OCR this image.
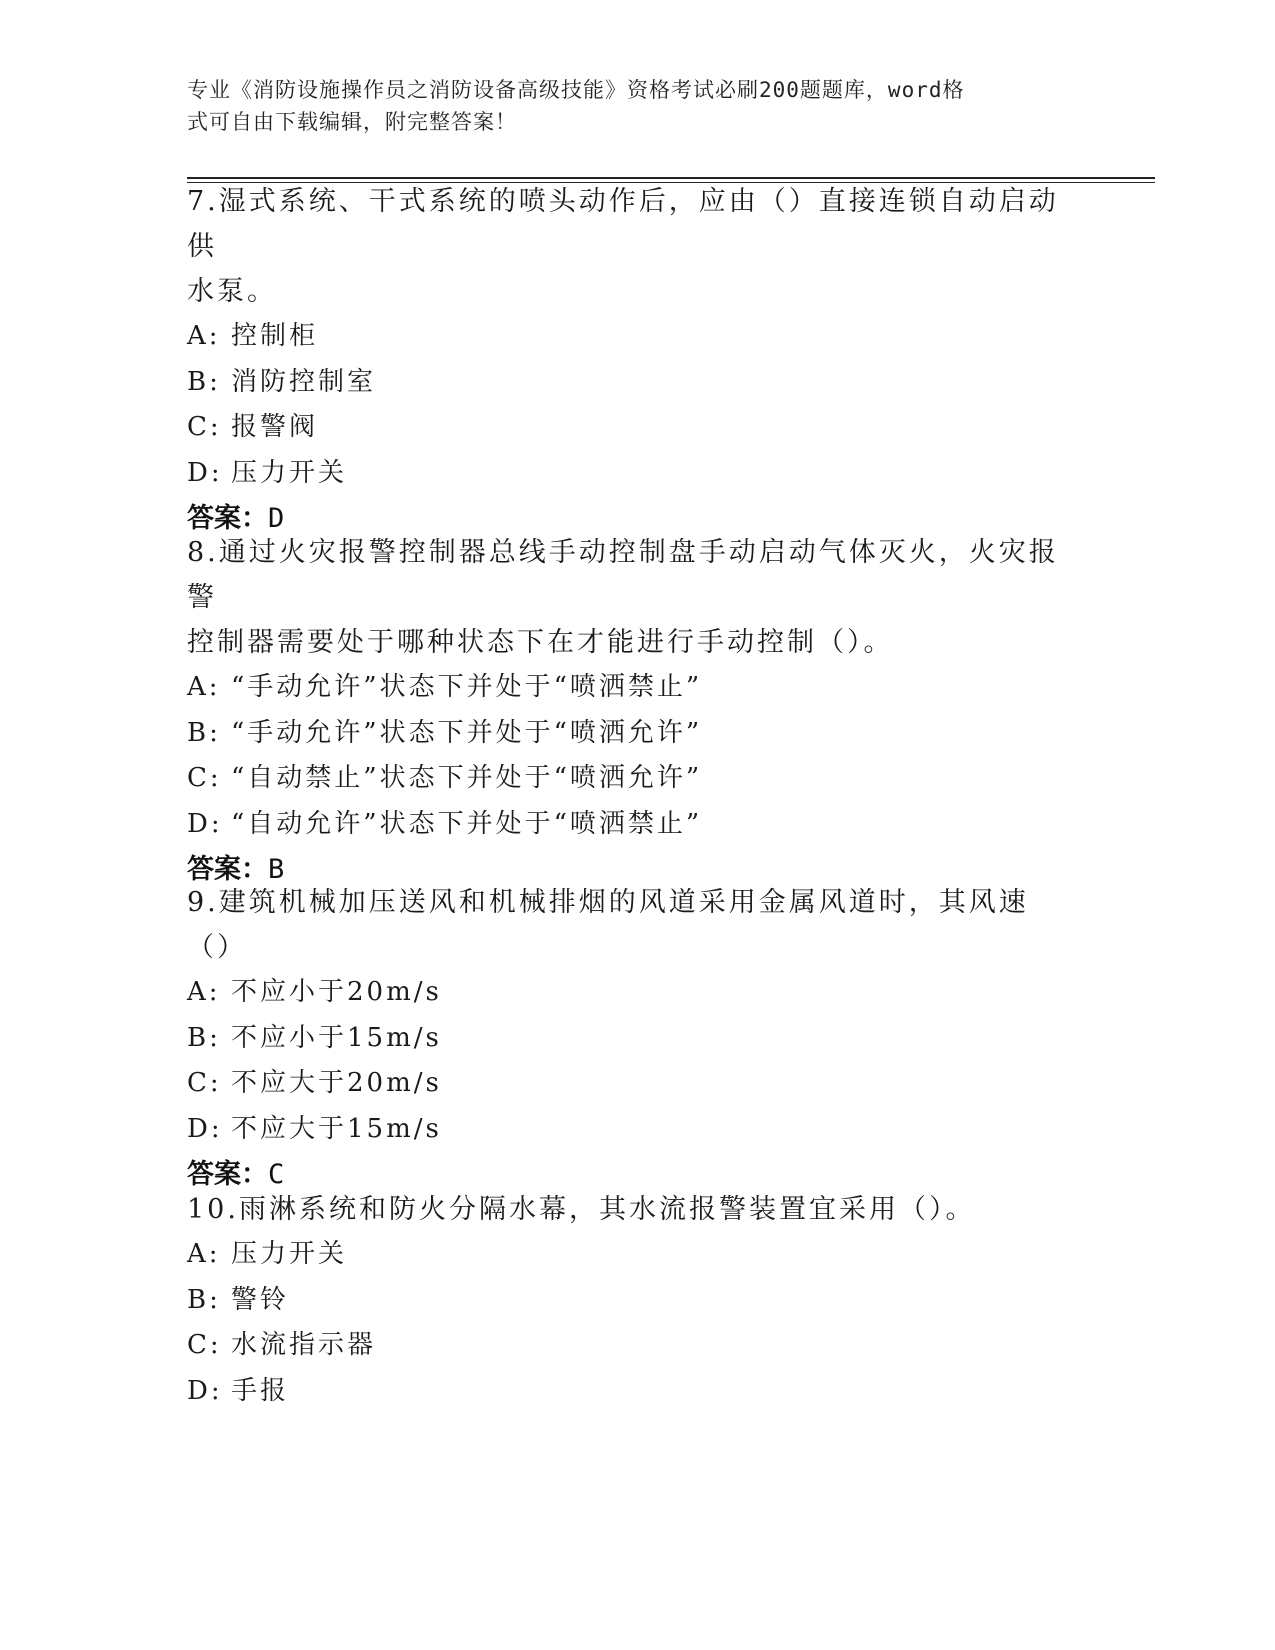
专业《消防设施操作员之消防设备高级技能》资格考试必刷200题题库，word格
式可自由下载编辑，附完整答案！
7.湿式系统、干式系统的喷头动作后，应由（）直接连锁自动启动供
水泵。
A: 控制柜
B: 消防控制室
C: 报警阀
D: 压力开关
答案：D
8.通过火灾报警控制器总线手动控制盘手动启动气体灭火，火灾报警
控制器需要处于哪种状态下在才能进行手动控制（）。
A: “手动允许”状态下并处于“喷洒禁止”
B: “手动允许”状态下并处于“喷洒允许”
C: “自动禁止”状态下并处于“喷洒允许”
D: “自动允许”状态下并处于“喷洒禁止”
答案：B
9.建筑机械加压送风和机械排烟的风道采用金属风道时，其风速（）
A: 不应小于20m/s
B: 不应小于15m/s
C: 不应大于20m/s
D: 不应大于15m/s
答案：C
10.雨淋系统和防火分隔水幕，其水流报警装置宜采用（）。
A: 压力开关
B: 警铃
C: 水流指示器
D: 手报
